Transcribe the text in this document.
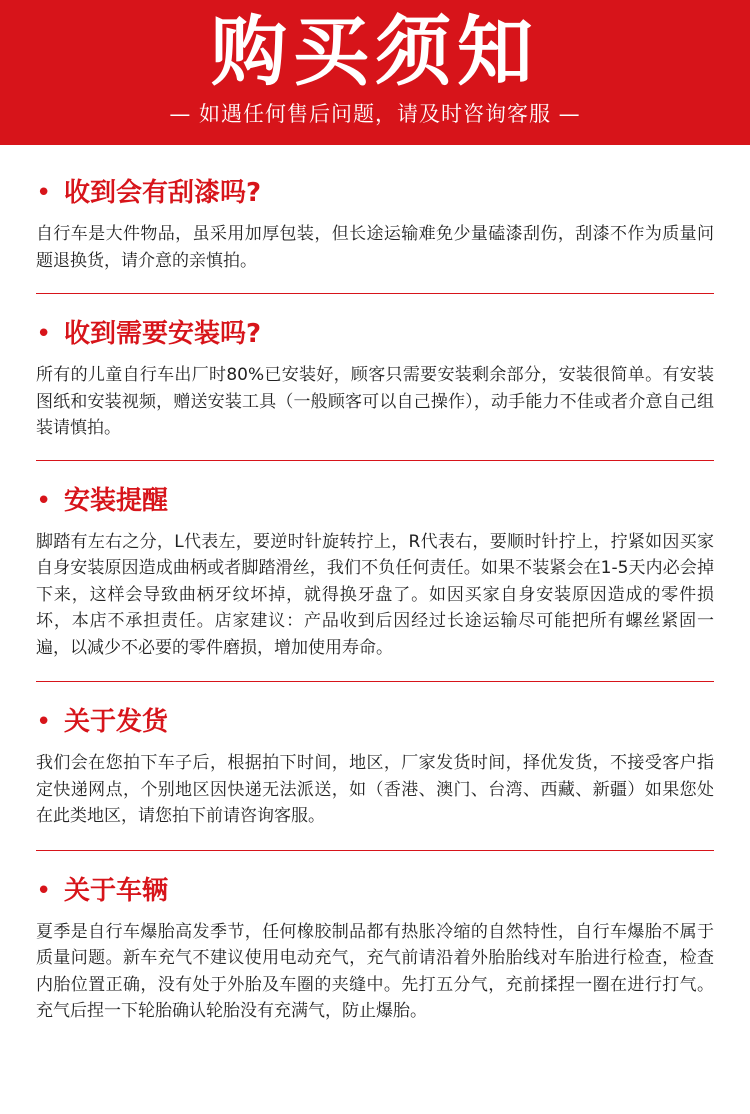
购买须知
— 如遇任何售后问题，请及时咨询客服 —
• 收到会有刮漆吗?
自行车是大件物品，虽采用加厚包装，但长途运输难免少量磕漆刮伤，刮漆不作为质量问题退换货，请介意的亲慎拍。
• 收到需要安装吗?
所有的儿童自行车出厂时80%已安装好，顾客只需要安装剩余部分，安装很简单。有安装图纸和安装视频，赠送安装工具（一般顾客可以自己操作），动手能力不佳或者介意自己组装请慎拍。
• 安装提醒
脚踏有左右之分，L代表左，要逆时针旋转拧上，R代表右，要顺时针拧上，拧紧如因买家自身安装原因造成曲柄或者脚踏滑丝，我们不负任何责任。如果不装紧会在1-5天内必会掉下来，这样会导致曲柄牙纹坏掉，就得换牙盘了。如因买家自身安装原因造成的零件损坏，本店不承担责任。店家建议：产品收到后因经过长途运输尽可能把所有螺丝紧固一遍，以减少不必要的零件磨损，增加使用寿命。
• 关于发货
我们会在您拍下车子后，根据拍下时间，地区，厂家发货时间，择优发货，不接受客户指定快递网点，个别地区因快递无法派送，如（香港、澳门、台湾、西藏、新疆）如果您处在此类地区，请您拍下前请咨询客服。
• 关于车辆
夏季是自行车爆胎高发季节，任何橡胶制品都有热胀冷缩的自然特性，自行车爆胎不属于质量问题。新车充气不建议使用电动充气，充气前请沿着外胎胎线对车胎进行检查，检查内胎位置正确，没有处于外胎及车圈的夹缝中。先打五分气，充前揉捏一圈在进行打气。充气后捏一下轮胎确认轮胎没有充满气，防止爆胎。
